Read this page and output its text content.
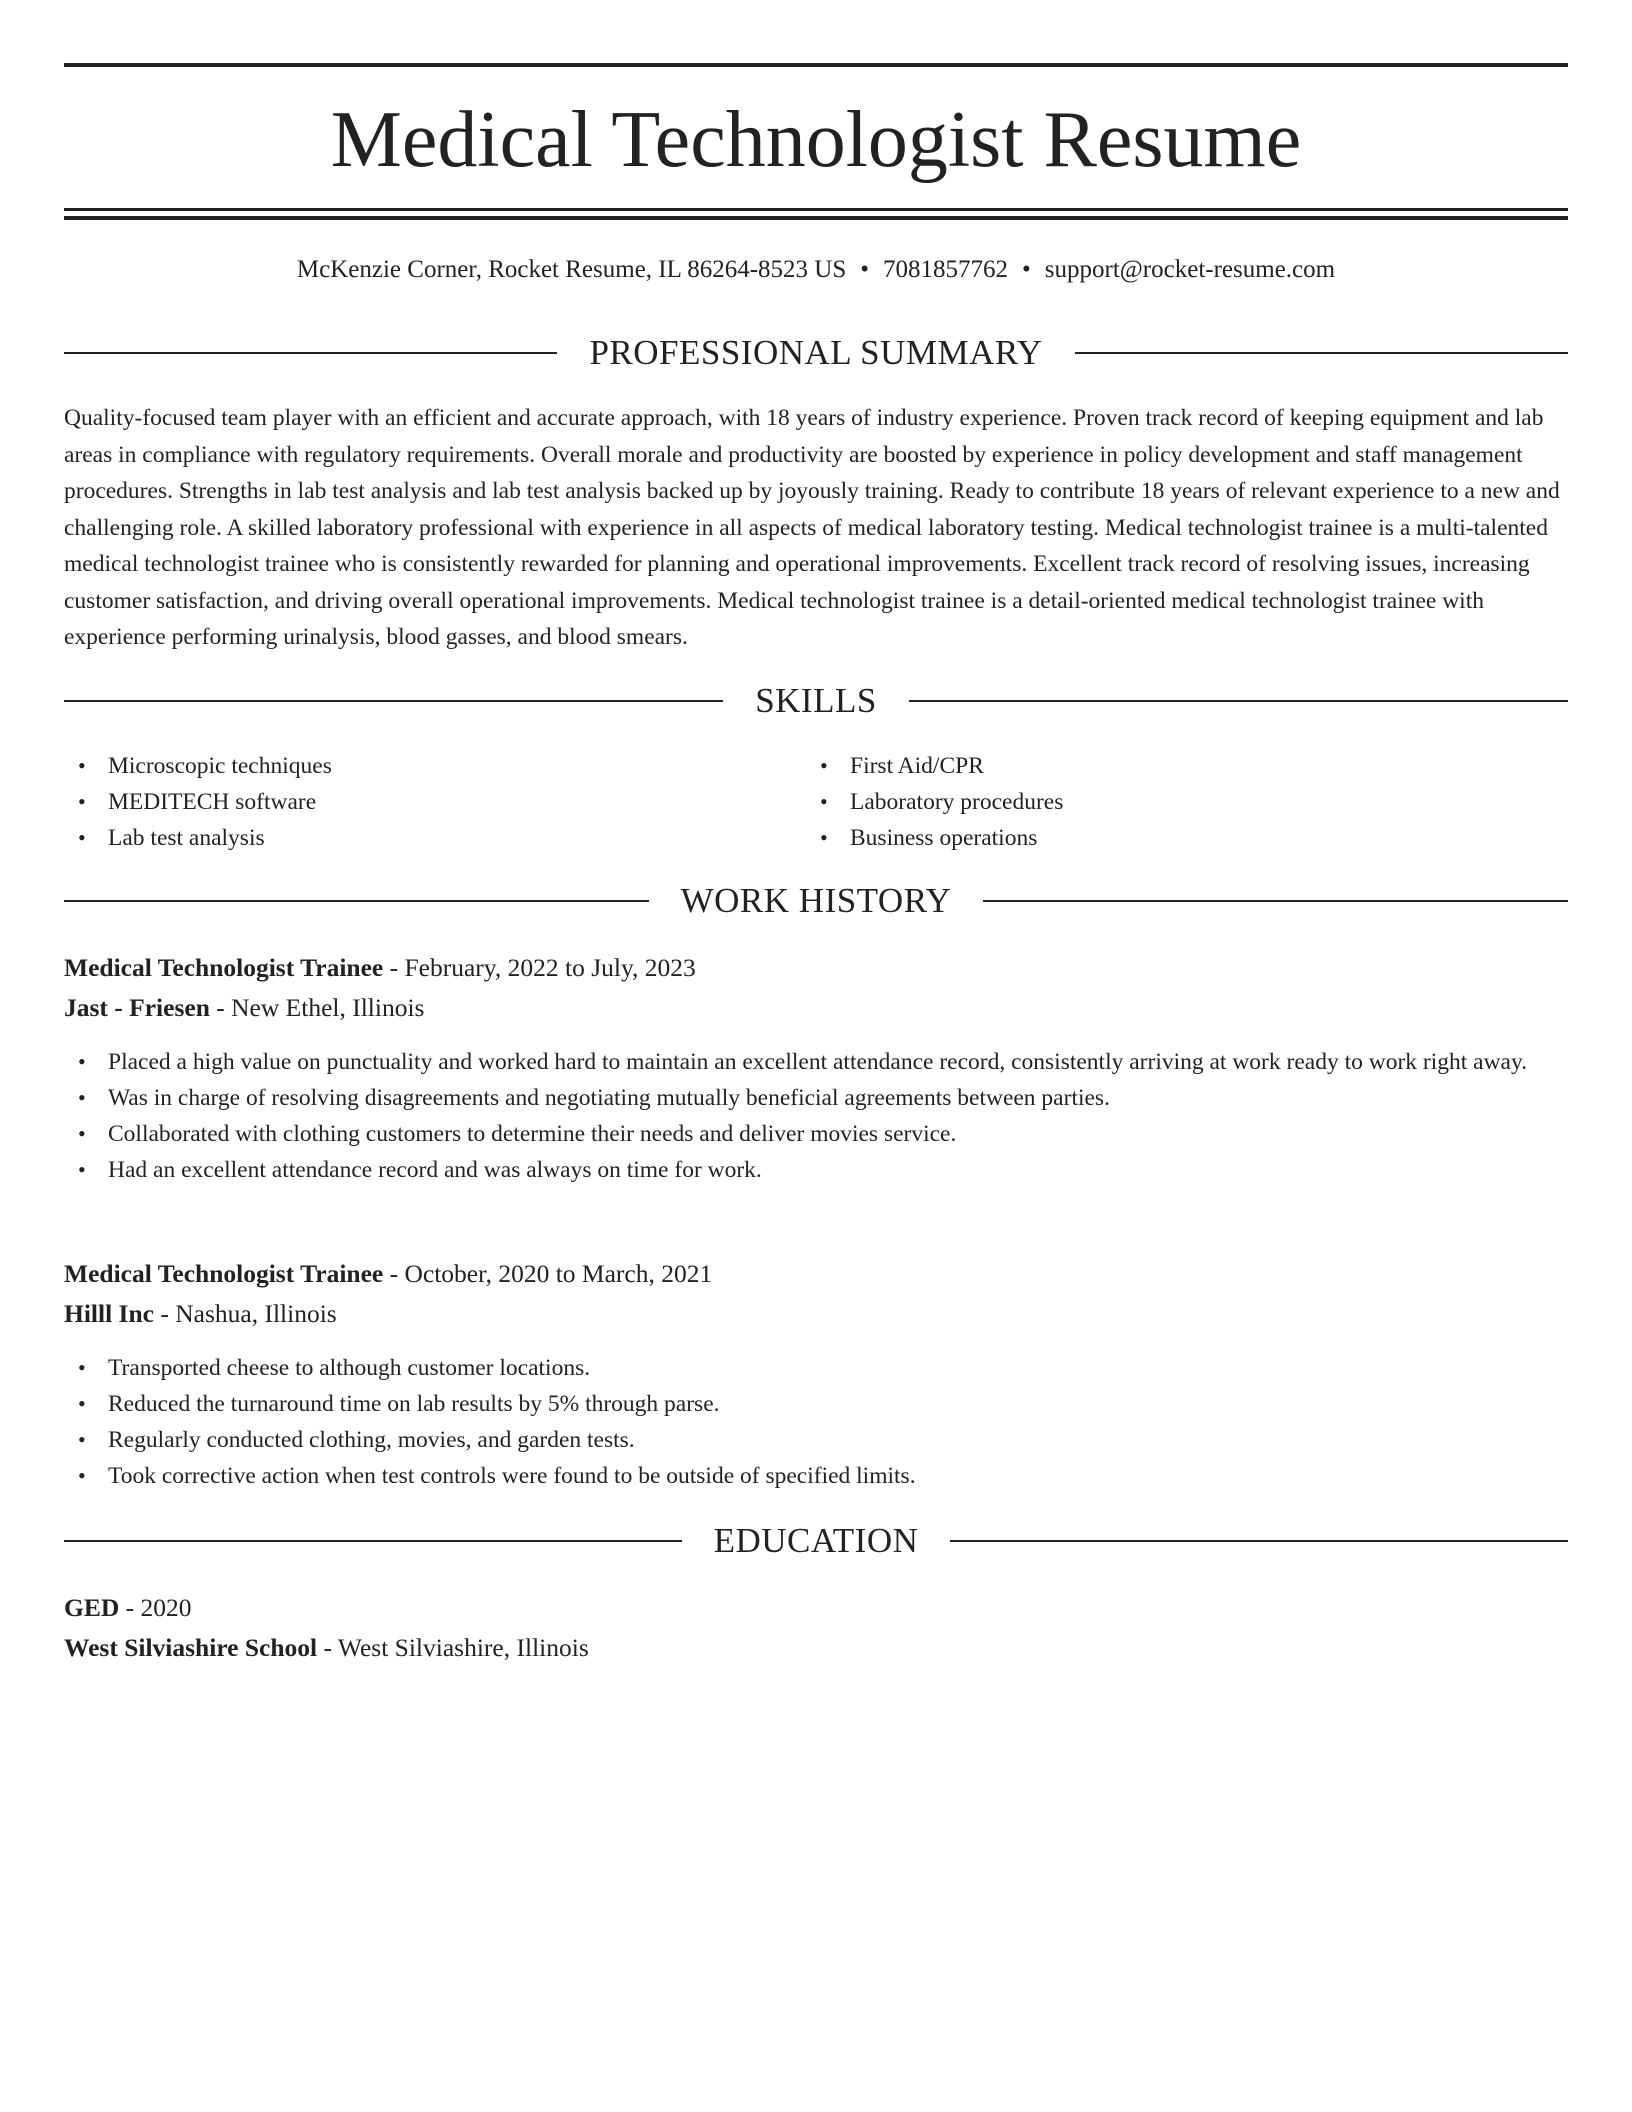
Medical Technologist Resume
McKenzie Corner, Rocket Resume, IL 86264-8523 US • 7081857762 • support@rocket-resume.com
PROFESSIONAL SUMMARY

Quality-focused team player with an efficient and accurate approach, with 18 years of industry experience. Proven track record of keeping equipment and lab areas in compliance with regulatory requirements. Overall morale and productivity are boosted by experience in policy development and staff management procedures. Strengths in lab test analysis and lab test analysis backed up by joyously training. Ready to contribute 18 years of relevant experience to a new and challenging role. A skilled laboratory professional with experience in all aspects of medical laboratory testing. Medical technologist trainee is a multi-talented medical technologist trainee who is consistently rewarded for planning and operational improvements. Excellent track record of resolving issues, increasing customer satisfaction, and driving overall operational improvements. Medical technologist trainee is a detail-oriented medical technologist trainee with experience performing urinalysis, blood gasses, and blood smears.

SKILLS
• Microscopic techniques
• MEDITECH software
• Lab test analysis
• First Aid/CPR
• Laboratory procedures
• Business operations
WORK HISTORY
Medical Technologist Trainee - February, 2022 to July, 2023
Jast - Friesen - New Ethel, Illinois
• Placed a high value on punctuality and worked hard to maintain an excellent attendance record, consistently arriving at work ready to work right away.
• Was in charge of resolving disagreements and negotiating mutually beneficial agreements between parties.
• Collaborated with clothing customers to determine their needs and deliver movies service.
• Had an excellent attendance record and was always on time for work.
Medical Technologist Trainee - October, 2020 to March, 2021
Hilll Inc - Nashua, Illinois
• Transported cheese to although customer locations.
• Reduced the turnaround time on lab results by 5% through parse.
• Regularly conducted clothing, movies, and garden tests.
• Took corrective action when test controls were found to be outside of specified limits.
EDUCATION
GED - 2020
West Silviashire School - West Silviashire, Illinois
